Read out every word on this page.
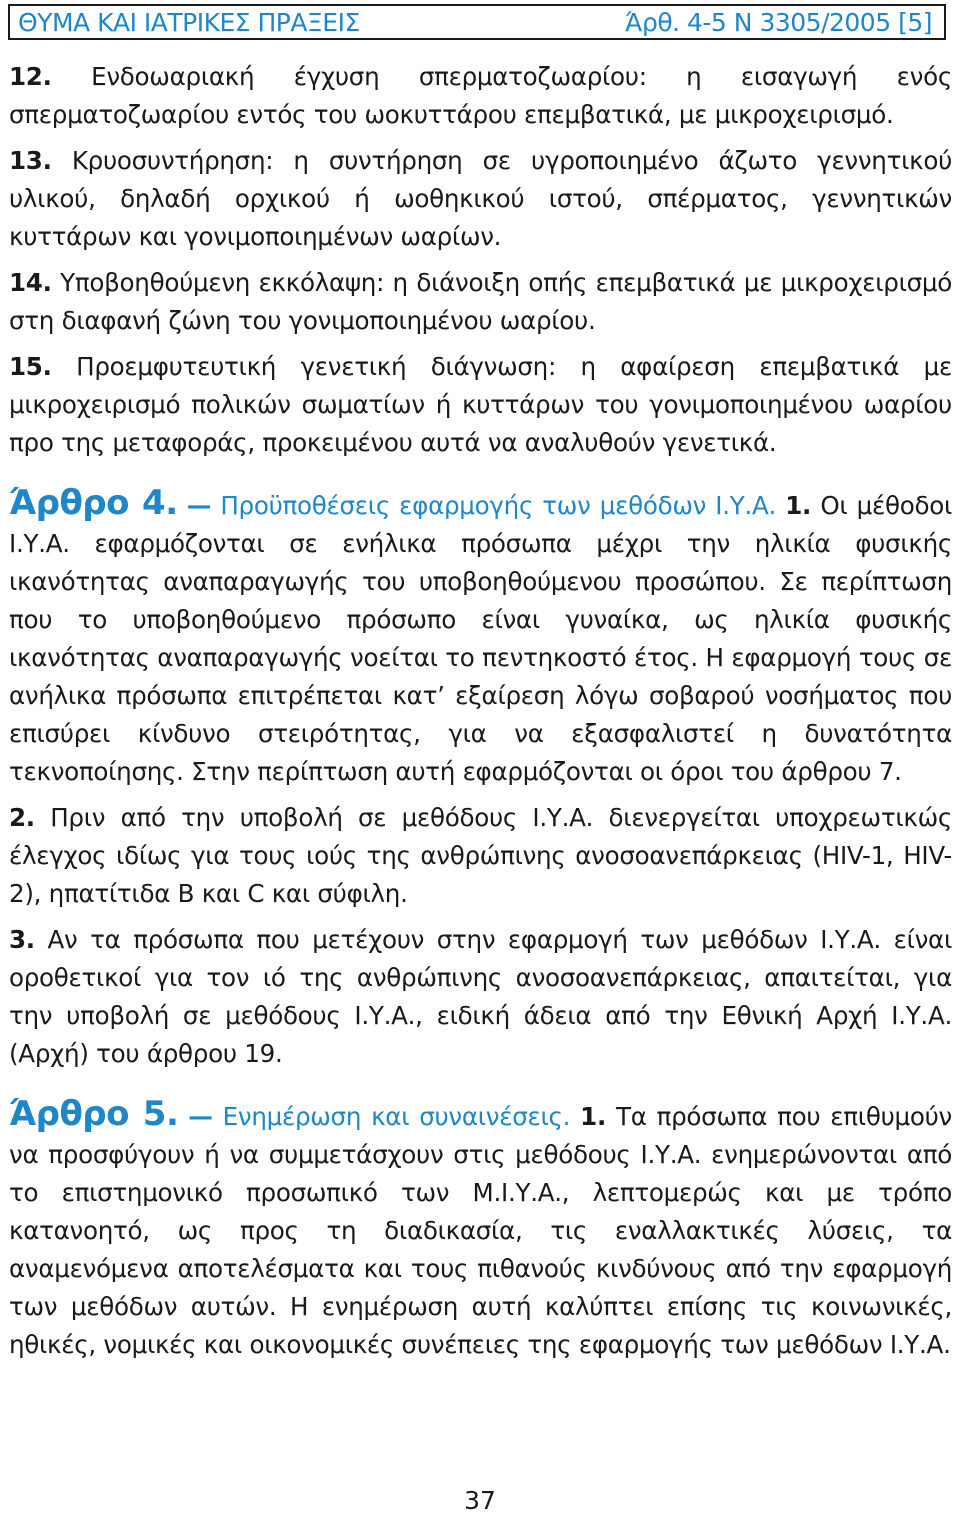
ΘΥΜΑ ΚΑΙ ΙΑΤΡΙΚΕΣ ΠΡΑΞΕΙΣ	Άρθ. 4-5 Ν 3305/2005 [5]

12. Ενδοωαριακή έγχυση σπερματοζωαρίου: η εισαγωγή ενός σπερματοζωαρίου εντός του ωοκυττάρου επεμβατικά, με μικροχειρισμό.

13. Κρυοσυντήρηση: η συντήρηση σε υγροποιημένο άζωτο γεννητικού υλικού, δηλαδή ορχικού ή ωοθηκικού ιστού, σπέρματος, γεννητικών κυττάρων και γονιμοποιημένων ωαρίων.

14. Υποβοηθούμενη εκκόλαψη: η διάνοιξη οπής επεμβατικά με μικροχειρισμό στη διαφανή ζώνη του γονιμοποιημένου ωαρίου.

15. Προεμφυτευτική γενετική διάγνωση: η αφαίρεση επεμβατικά με μικροχειρισμό πολικών σωματίων ή κυττάρων του γονιμοποιημένου ωαρίου προ της μεταφοράς, προκειμένου αυτά να αναλυθούν γενετικά.

Άρθρο 4. — Προϋποθέσεις εφαρμογής των μεθόδων Ι.Υ.Α. 1. Οι μέθοδοι Ι.Υ.Α. εφαρμόζονται σε ενήλικα πρόσωπα μέχρι την ηλικία φυσικής ικανότητας αναπαραγωγής του υποβοηθούμενου προσώπου. Σε περίπτωση που το υποβοηθούμενο πρόσωπο είναι γυναίκα, ως ηλικία φυσικής ικανότητας αναπαραγωγής νοείται το πεντηκοστό έτος. Η εφαρμογή τους σε ανήλικα πρόσωπα επιτρέπεται κατ’ εξαίρεση λόγω σοβαρού νοσήματος που επισύρει κίνδυνο στειρότητας, για να εξασφαλιστεί η δυνατότητα τεκνοποίησης. Στην περίπτωση αυτή εφαρμόζονται οι όροι του άρθρου 7.

2. Πριν από την υποβολή σε μεθόδους Ι.Υ.Α. διενεργείται υποχρεωτικώς έλεγχος ιδίως για τους ιούς της ανθρώπινης ανοσοανεπάρκειας (HIV-1, HIV-2), ηπατίτιδα B και C και σύφιλη.

3. Αν τα πρόσωπα που μετέχουν στην εφαρμογή των μεθόδων Ι.Υ.Α. είναι οροθετικοί για τον ιό της ανθρώπινης ανοσοανεπάρκειας, απαιτείται, για την υποβολή σε μεθόδους Ι.Υ.Α., ειδική άδεια από την Εθνική Αρχή Ι.Υ.Α. (Αρχή) του άρθρου 19.

Άρθρο 5. — Ενημέρωση και συναινέσεις. 1. Τα πρόσωπα που επιθυμούν να προσφύγουν ή να συμμετάσχουν στις μεθόδους Ι.Υ.Α. ενημερώνονται από το επιστημονικό προσωπικό των Μ.Ι.Υ.Α., λεπτομερώς και με τρόπο κατανοητό, ως προς τη διαδικασία, τις εναλλακτικές λύσεις, τα αναμενόμενα αποτελέσματα και τους πιθανούς κινδύνους από την εφαρμογή των μεθόδων αυτών. Η ενημέρωση αυτή καλύπτει επίσης τις κοινωνικές, ηθικές, νομικές και οικονομικές συνέπειες της εφαρμογής των μεθόδων Ι.Υ.Α.

37
